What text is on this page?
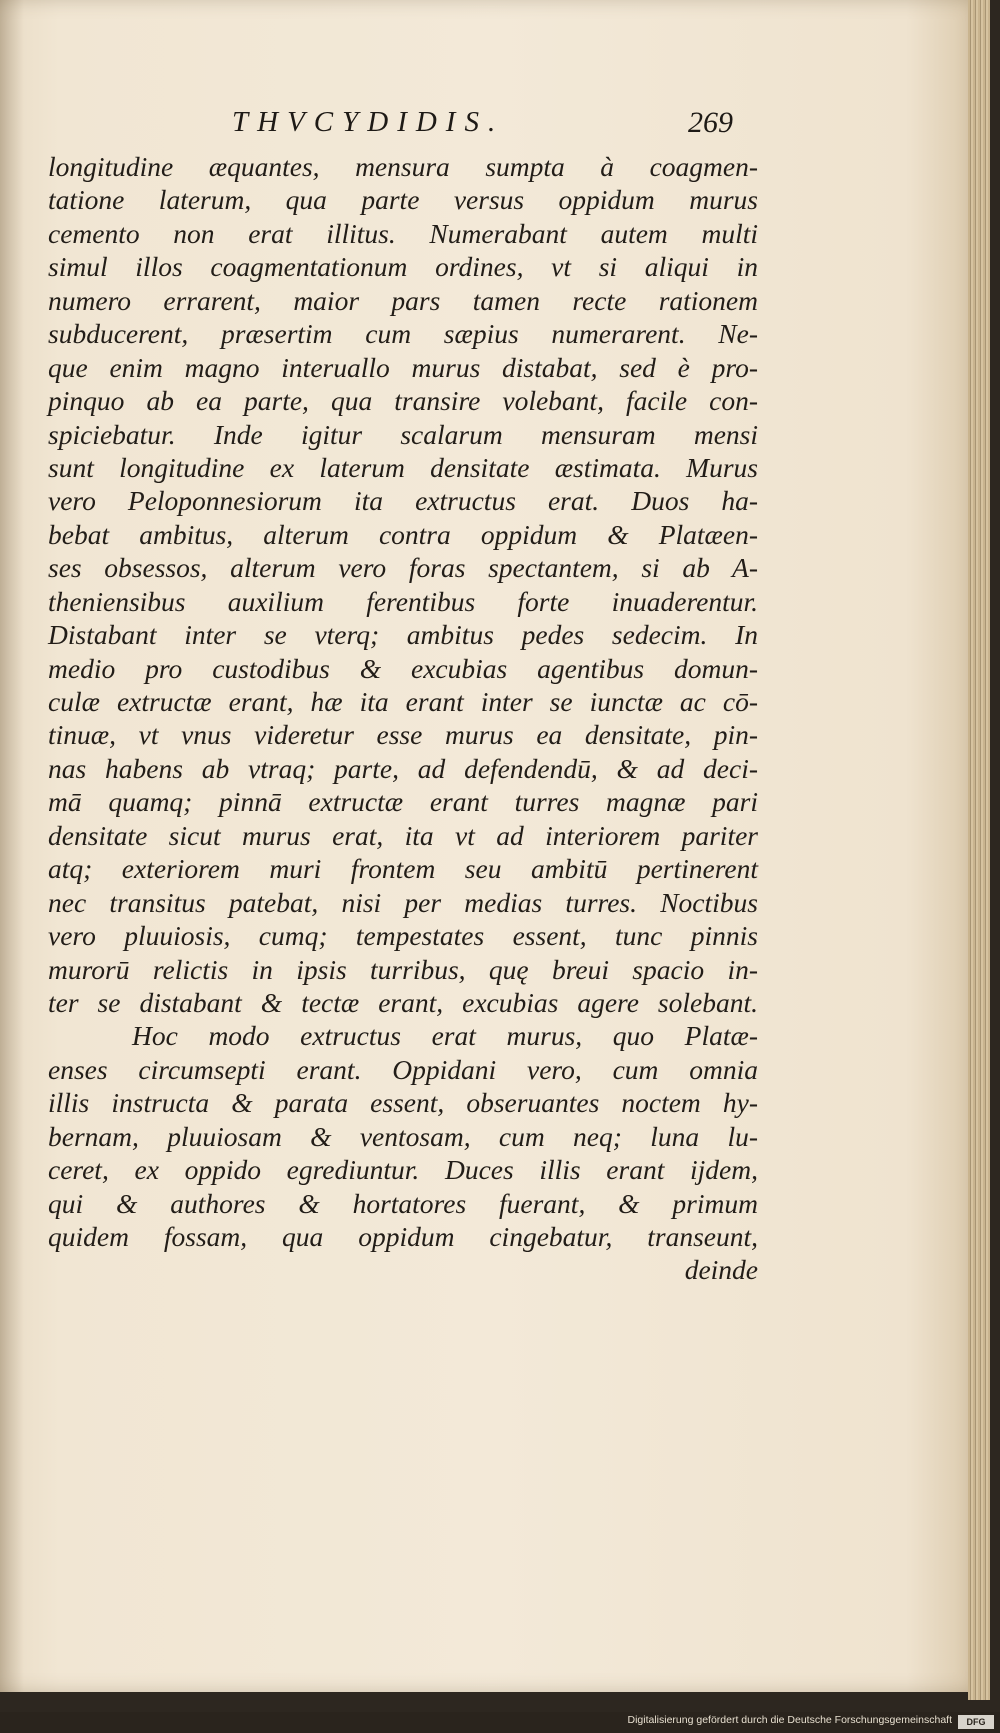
THVCYDIDIS.	269
longitudine æquantes, mensura sumpta à coagmen-
tatione laterum, qua parte versus oppidum murus
cemento non erat illitus. Numerabant autem multi
simul illos coagmentationum ordines, vt si aliqui in
numero errarent, maior pars tamen recte rationem
subducerent, præsertim cum sæpius numerarent. Ne-
que enim magno interuallo murus distabat, sed è pro-
pinquo ab ea parte, qua transire volebant, facile con-
spiciebatur. Inde igitur scalarum mensuram mensi
sunt longitudine ex laterum densitate æstimata. Murus
vero Peloponnesiorum ita extructus erat. Duos ha-
bebat ambitus, alterum contra oppidum & Platæen-
ses obsessos, alterum vero foras spectantem, si ab A-
theniensibus auxilium ferentibus forte inuaderentur.
Distabant inter se vterq; ambitus pedes sedecim. In
medio pro custodibus & excubias agentibus domun-
culæ extructæ erant, hæ ita erant inter se iunctæ ac cō-
tinuæ, vt vnus videretur esse murus ea densitate, pin-
nas habens ab vtraq; parte, ad defendendū, & ad deci-
mā quamq; pinnā extructæ erant turres magnæ pari
densitate sicut murus erat, ita vt ad interiorem pariter
atq; exteriorem muri frontem seu ambitū pertinerent
nec transitus patebat, nisi per medias turres. Noctibus
vero pluuiosis, cumq; tempestates essent, tunc pinnis
murorū relictis in ipsis turribus, quę breui spacio in-
ter se distabant & tectæ erant, excubias agere solebant.
Hoc modo extructus erat murus, quo Platæ-
enses circumsepti erant. Oppidani vero, cum omnia
illis instructa & parata essent, obseruantes noctem hy-
bernam, pluuiosam & ventosam, cum neq; luna lu-
ceret, ex oppido egrediuntur. Duces illis erant ijdem,
qui & authores & hortatores fuerant, & primum
quidem fossam, qua oppidum cingebatur, transeunt,
deinde
Digitalisierung gefördert durch die Deutsche Forschungsgemeinschaft	DFG
